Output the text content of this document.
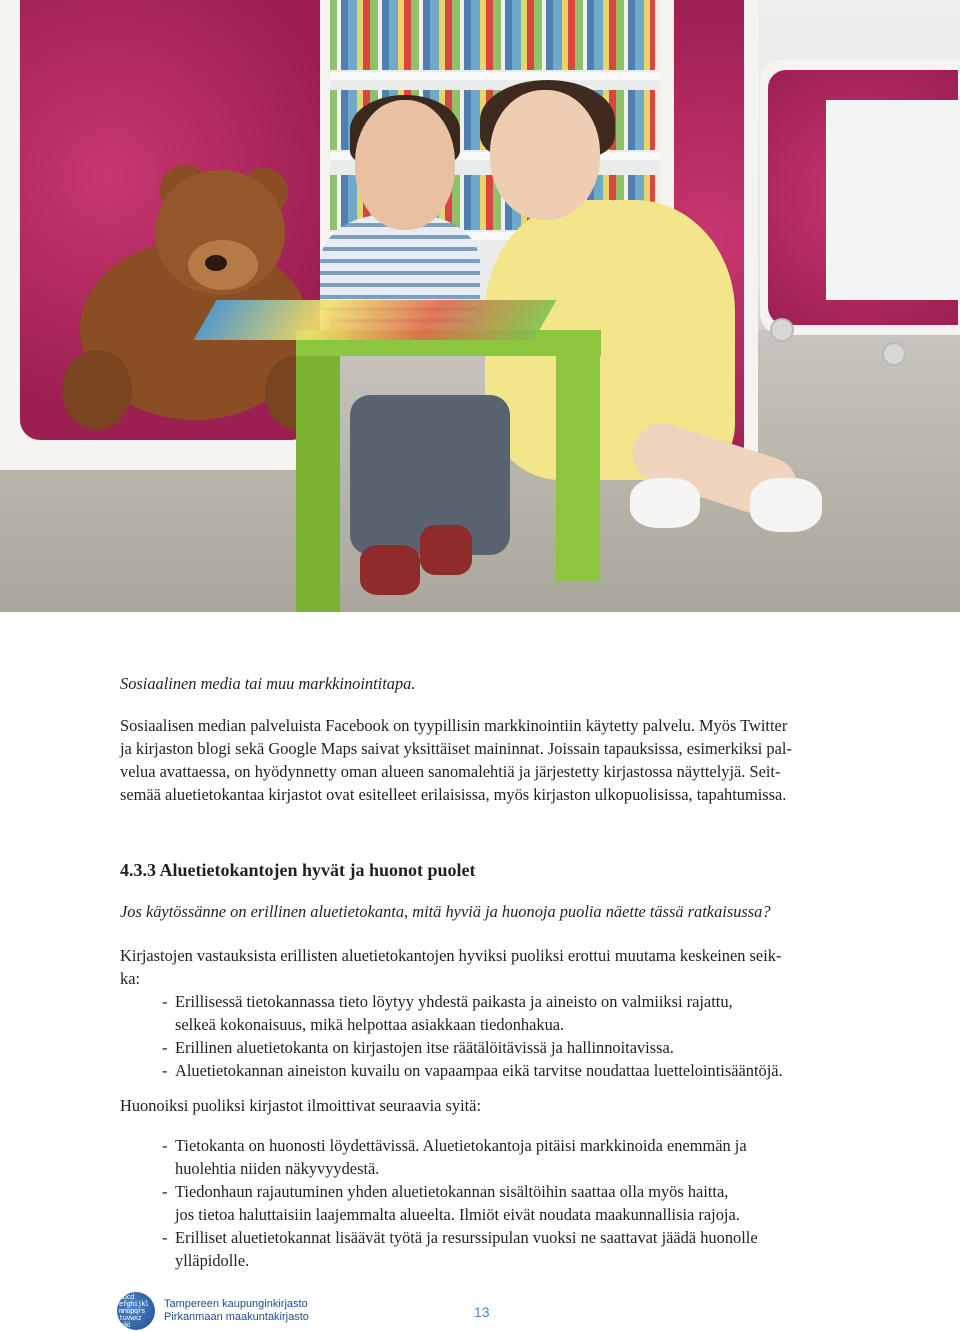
Sosiaalinen media tai muu markkinointitapa.

Sosiaalisen median palveluista Facebook on tyypillisin markkinointiin käytetty palvelu. Myös Twitter

ja kirjaston blogi sekä Google Maps saivat yksittäiset maininnat. Joissain tapauksissa, esimerkiksi pal-

velua avattaessa, on hyödynnetty oman alueen sanomalehtiä ja järjestetty kirjastossa näyttelyjä. Seit-

semää aluetietokantaa kirjastot ovat esitelleet erilaisissa, myös kirjaston ulkopuolisissa, tapahtumissa.

4.3.3 Aluetietokantojen hyvät ja huonot puolet
Jos käytössänne on erillinen aluetietokanta, mitä hyviä ja huonoja puolia näette tässä ratkaisussa?

Kirjastojen vastauksista erillisten aluetietokantojen hyviksi puoliksi erottui muutama keskeinen seik-

ka:

- Erillisessä tietokannassa tieto löytyy yhdestä paikasta ja aineisto on valmiiksi rajattu,
selkeä kokonaisuus, mikä helpottaa asiakkaan tiedonhakua.
- Erillinen aluetietokanta on kirjastojen itse räätälöitävissä ja hallinnoitavissa.
- Aluetietokannan aineiston kuvailu on vapaampaa eikä tarvitse noudattaa luettelointisääntöjä.
Huonoiksi puoliksi kirjastot ilmoittivat seuraavia syitä:
- Tietokanta on huonosti löydettävissä. Aluetietokantoja pitäisi markkinoida enemmän ja
huolehtia niiden näkyvyydestä.
- Tiedonhaun rajautuminen yhden aluetietokannan sisältöihin saattaa olla myös haitta,
jos tietoa haluttaisiin laajemmalta alueelta. Ilmiöt eivät noudata maakunnallisia rajoja.
- Erilliset aluetietokannat lisäävät työtä ja resurssipulan vuoksi ne saattavat jäädä huonolle
ylläpidolle.
abcd
efghijkl
mnopqrs
tuvwxz
yäö
Tampereen kaupunginkirjasto
Pirkanmaan maakuntakirjasto	13
